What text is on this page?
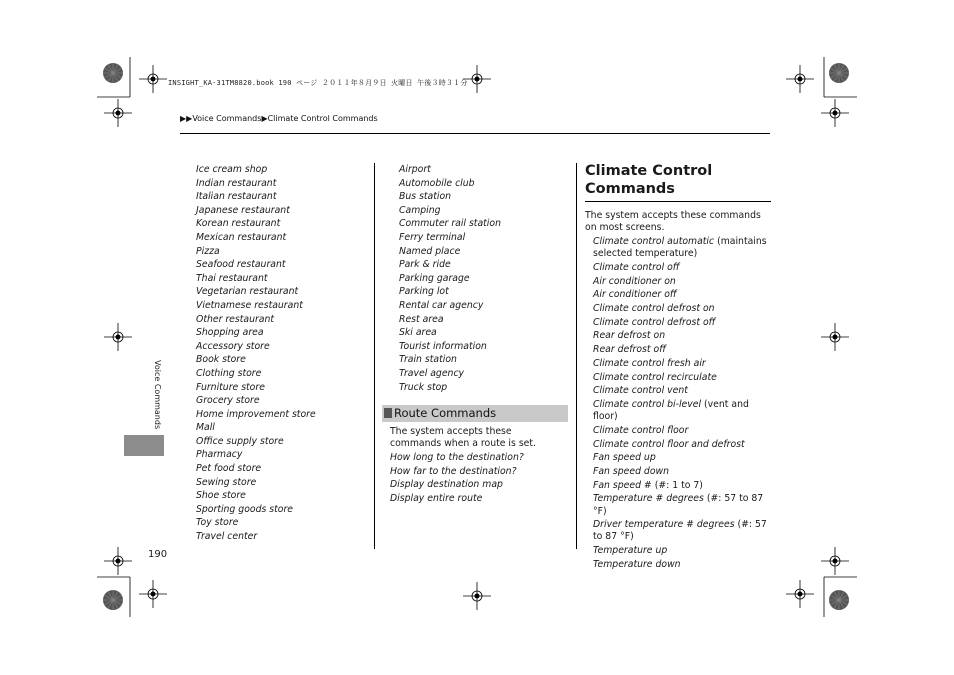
INSIGHT_KA-31TM8820.book 190 ページ ２０１１年８月９日 火曜日 午後３時３１分
▶▶Voice Commands▶Climate Control Commands
Voice Commands
190
Ice cream shop
Indian restaurant
Italian restaurant
Japanese restaurant
Korean restaurant
Mexican restaurant
Pizza
Seafood restaurant
Thai restaurant
Vegetarian restaurant
Vietnamese restaurant
Other restaurant
Shopping area
Accessory store
Book store
Clothing store
Furniture store
Grocery store
Home improvement store
Mall
Office supply store
Pharmacy
Pet food store
Sewing store
Shoe store
Sporting goods store
Toy store
Travel center
Airport
Automobile club
Bus station
Camping
Commuter rail station
Ferry terminal
Named place
Park & ride
Parking garage
Parking lot
Rental car agency
Rest area
Ski area
Tourist information
Train station
Travel agency
Truck stop
Route Commands
The system accepts these commands when a route is set.
How long to the destination?
How far to the destination?
Display destination map
Display entire route
Climate Control Commands
The system accepts these commands on most screens.
Climate control automatic (maintains selected temperature)
Climate control off
Air conditioner on
Air conditioner off
Climate control defrost on
Climate control defrost off
Rear defrost on
Rear defrost off
Climate control fresh air
Climate control recirculate
Climate control vent
Climate control bi-level (vent and floor)
Climate control floor
Climate control floor and defrost
Fan speed up
Fan speed down
Fan speed # (#: 1 to 7)
Temperature # degrees (#: 57 to 87 °F)
Driver temperature # degrees (#: 57 to 87 °F)
Temperature up
Temperature down
